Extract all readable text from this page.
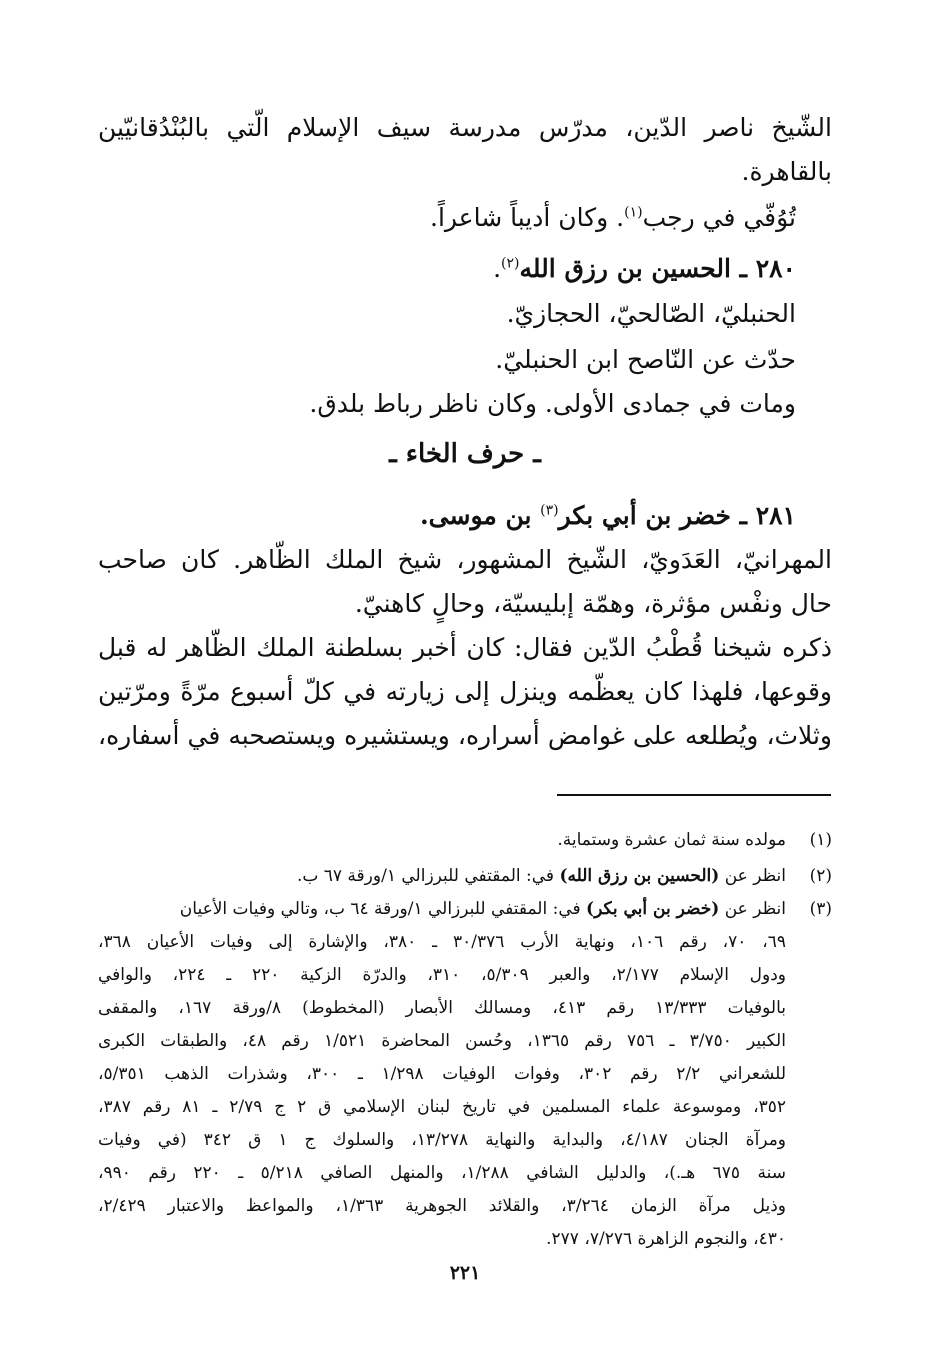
الشّيخ ناصر الدّين، مدرّس مدرسة سيف الإسلام الّتي بالبُنْدُقانيّين
بالقاهرة.
تُوُفّي في رجب$^{(١)}$. وكان أديباً شاعراً.
٢٨٠ ـ الحسين بن رزق الله$^{(٢)}$.
الحنبليّ، الصّالحيّ، الحجازيّ.
حدّث عن النّاصح ابن الحنبليّ.
ومات في جمادى الأولى. وكان ناظر رباط بلدق.
ـ حرف الخاء ـ
٢٨١ ـ خضر بن أبي بكر$^{(٣)}$ بن موسى.
المهرانيّ، العَدَويّ، الشّيخ المشهور، شيخ الملك الظّاهر. كان صاحب
حال ونفْس مؤثرة، وهمّة إبليسيّة، وحالٍ كاهنيّ.
ذكره شيخنا قُطْبُ الدّين فقال: كان أخبر بسلطنة الملك الظّاهر له قبل
وقوعها، فلهذا كان يعظّمه وينزل إلى زيارته في كلّ أسبوع مرّةً ومرّتين
وثلاث، ويُطلعه على غوامض أسراره، ويستشيره ويستصحبه في أسفاره،
(١)مولده سنة ثمان عشرة وستماية.
(٢)انظر عن (الحسين بن رزق الله) في: المقتفي للبرزالي ١/ورقة ٦٧ ب.
(٣)انظر عن (خضر بن أبي بكر) في: المقتفي للبرزالي ١/ورقة ٦٤ ب، وتالي وفيات الأعيان
٦٩، ٧٠، رقم ١٠٦، ونهاية الأرب ٣٠/٣٧٦ ـ ٣٨٠، والإشارة إلى وفيات الأعيان ٣٦٨،
ودول الإسلام ٢/١٧٧، والعبر ٥/٣٠٩، ٣١٠، والدرّة الزكية ٢٢٠ ـ ٢٢٤، والوافي
بالوفيات ١٣/٣٣٣ رقم ٤١٣، ومسالك الأبصار (المخطوط) ٨/ورقة ١٦٧، والمقفى
الكبير ٣/٧٥٠ ـ ٧٥٦ رقم ١٣٦٥، وحُسن المحاضرة ١/٥٢١ رقم ٤٨، والطبقات الكبرى
للشعراني ٢/٢ رقم ٣٠٢، وفوات الوفيات ١/٢٩٨ ـ ٣٠٠، وشذرات الذهب ٥/٣٥١،
٣٥٢، وموسوعة علماء المسلمين في تاريخ لبنان الإسلامي ق ٢ ج ٢/٧٩ ـ ٨١ رقم ٣٨٧،
ومرآة الجنان ٤/١٨٧، والبداية والنهاية ١٣/٢٧٨، والسلوك ج ١ ق ٣٤٢ (في وفيات
سنة ٦٧٥ هـ.)، والدليل الشافي ١/٢٨٨، والمنهل الصافي ٥/٢١٨ ـ ٢٢٠ رقم ٩٩٠،
وذيل مرآة الزمان ٣/٢٦٤، والقلائد الجوهرية ١/٣٦٣، والمواعظ والاعتبار ٢/٤٢٩،
٤٣٠، والنجوم الزاهرة ٧/٢٧٦، ٢٧٧.
٢٢١
